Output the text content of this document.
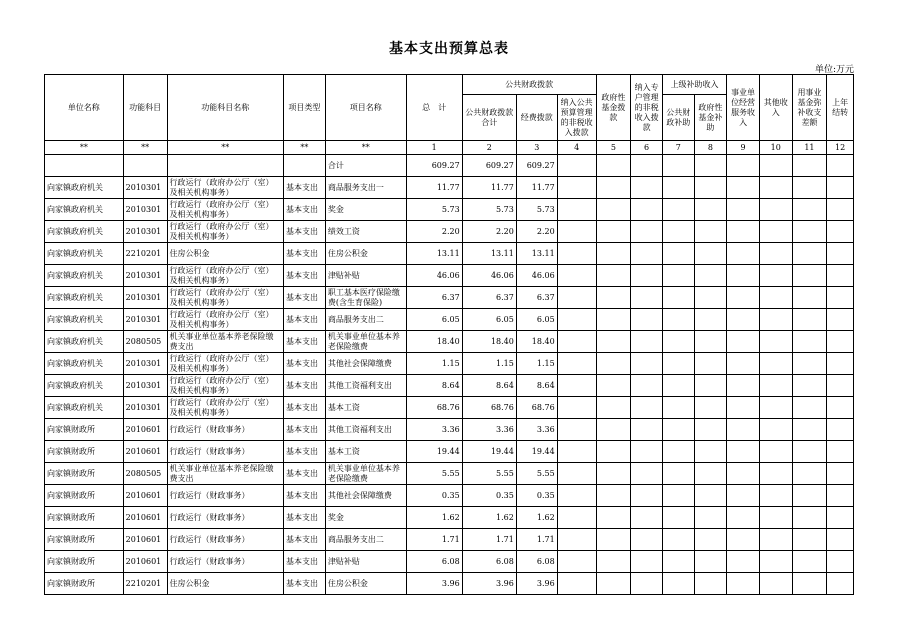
基本支出预算总表
单位:万元
单位名称	功能科目	功能科目名称	项目类型	项目名称	总　计	公共财政拨款			政府性基金拨款	纳入专户管理的非税收入拨款	上级补助收入		事业单位经营服务收入	其他收入	用事业基金弥补收支差额	上年结转
						公共财政拨款合计	经费拨款	纳入公共预算管理的非税收入拨款			公共财政补助	政府性基金补助				

**	**	**	**	**	1	2	3	4	5	6	7	8	9	10	11	12
				合计	609.27	609.27	609.27									
向家镇政府机关	2010301	行政运行（政府办公厅（室）及相关机构事务）	基本支出	商品服务支出一	11.77	11.77	11.77									
向家镇政府机关	2010301	行政运行（政府办公厅（室）及相关机构事务）	基本支出	奖金	5.73	5.73	5.73									
向家镇政府机关	2010301	行政运行（政府办公厅（室）及相关机构事务）	基本支出	绩效工资	2.20	2.20	2.20									
向家镇政府机关	2210201	住房公积金	基本支出	住房公积金	13.11	13.11	13.11									
向家镇政府机关	2010301	行政运行（政府办公厅（室）及相关机构事务）	基本支出	津贴补贴	46.06	46.06	46.06									
向家镇政府机关	2010301	行政运行（政府办公厅（室）及相关机构事务）	基本支出	职工基本医疗保险缴费(含生育保险)	6.37	6.37	6.37									
向家镇政府机关	2010301	行政运行（政府办公厅（室）及相关机构事务）	基本支出	商品服务支出二	6.05	6.05	6.05									
向家镇政府机关	2080505	机关事业单位基本养老保险缴费支出	基本支出	机关事业单位基本养老保险缴费	18.40	18.40	18.40									
向家镇政府机关	2010301	行政运行（政府办公厅（室）及相关机构事务）	基本支出	其他社会保障缴费	1.15	1.15	1.15									
向家镇政府机关	2010301	行政运行（政府办公厅（室）及相关机构事务）	基本支出	其他工资福利支出	8.64	8.64	8.64									
向家镇政府机关	2010301	行政运行（政府办公厅（室）及相关机构事务）	基本支出	基本工资	68.76	68.76	68.76									
向家镇财政所	2010601	行政运行（财政事务）	基本支出	其他工资福利支出	3.36	3.36	3.36									
向家镇财政所	2010601	行政运行（财政事务）	基本支出	基本工资	19.44	19.44	19.44									
向家镇财政所	2080505	机关事业单位基本养老保险缴费支出	基本支出	机关事业单位基本养老保险缴费	5.55	5.55	5.55									
向家镇财政所	2010601	行政运行（财政事务）	基本支出	其他社会保障缴费	0.35	0.35	0.35									
向家镇财政所	2010601	行政运行（财政事务）	基本支出	奖金	1.62	1.62	1.62									
向家镇财政所	2010601	行政运行（财政事务）	基本支出	商品服务支出二	1.71	1.71	1.71									
向家镇财政所	2010601	行政运行（财政事务）	基本支出	津贴补贴	6.08	6.08	6.08									
向家镇财政所	2210201	住房公积金	基本支出	住房公积金	3.96	3.96	3.96									
